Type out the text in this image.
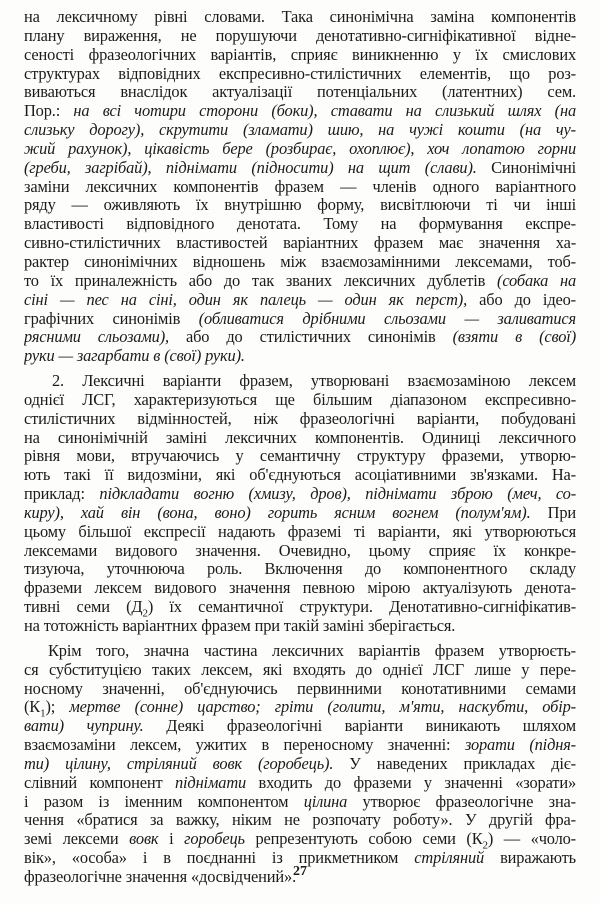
на лексичному рівні словами. Така синонімічна заміна компонентів
плану вираження, не порушуючи денотативно-сигніфікативної відне-
сеності фразеологічних варіантів, сприяє виникненню у їх смислових
структурах відповідних експресивно-стилістичних елементів, що роз-
виваються внаслідок актуалізації потенціальних (латентних) сем.
Пор.: на всі чотири сторони (боки), ставати на слизький шлях (на
слизьку дорогу), скрутити (зламати) шию, на чужі кошти (на чу-
жий рахунок), цікавість бере (розбирає, охоплює), хоч лопатою горни
(греби, загрібай), піднімати (підносити) на щит (слави). Синонімічні
заміни лексичних компонентів фразем — членів одного варіантного
ряду — оживляють їх внутрішню форму, висвітлюючи ті чи інші
властивості відповідного денотата. Тому на формування експре-
сивно-стилістичних властивостей варіантних фразем має значення ха-
рактер синонімічних відношень між взаємозамінними лексемами, тоб-
то їх приналежність або до так званих лексичних дублетів (собака на
сіні — пес на сіні, один як палець — один як перст), або до ідео-
графічних синонімів (обливатися дрібними сльозами — заливатися
рясними сльозами), або до стилістичних синонімів (взяти в (свої)
руки — загарбати в (свої) руки).
2. Лексичні варіанти фразем, утворювані взаємозаміною лексем
однієї ЛСГ, характеризуються ще більшим діапазоном експресивно-
стилістичних відмінностей, ніж фразеологічні варіанти, побудовані
на синонімічній заміні лексичних компонентів. Одиниці лексичного
рівня мови, втручаючись у семантичну структуру фраземи, утворю-
ють такі її видозміни, які об'єднуються асоціативними зв'язками. На-
приклад: підкладати вогню (хмизу, дров), піднімати зброю (меч, со-
киру), хай він (вона, воно) горить ясним вогнем (полум'ям). При
цьому більшої експресії надають фраземі ті варіанти, які утворюються
лексемами видового значення. Очевидно, цьому сприяє їх конкре-
тизуюча, уточнююча роль. Включення до компонентного складу
фраземи лексем видового значення певною мірою актуалізують денота-
тивні семи $(Д_2)$ їх семантичної структури. Денотативно-сигніфікатив-
на тотожність варіантних фразем при такій заміні зберігається.
Крім того, значна частина лексичних варіантів фразем утворюєть-
ся субституцією таких лексем, які входять до однієї ЛСГ лише у пере-
носному значенні, об'єднуючись первинними конотативними семами
$(К_1)$; мертве (сонне) царство; гріти (голити, м'яти, наскубти, обір-
вати) чуприну. Деякі фразеологічні варіанти виникають шляхом
взаємозаміни лексем, ужитих в переносному значенні: зорати (підня-
ти) цілину, стріляний вовк (горобець). У наведених прикладах діє-
слівний компонент піднімати входить до фраземи у значенні «зорати»
і разом із іменним компонентом цілина утворює фразеологічне зна-
чення «братися за важку, ніким не розпочату роботу». У другій фра-
земі лексеми вовк і горобець репрезентують собою семи $(К_2)$ — «чоло-
вік», «особа» і в поєднанні із прикметником стріляний виражають
фразеологічне значення «досвідчений».
27
